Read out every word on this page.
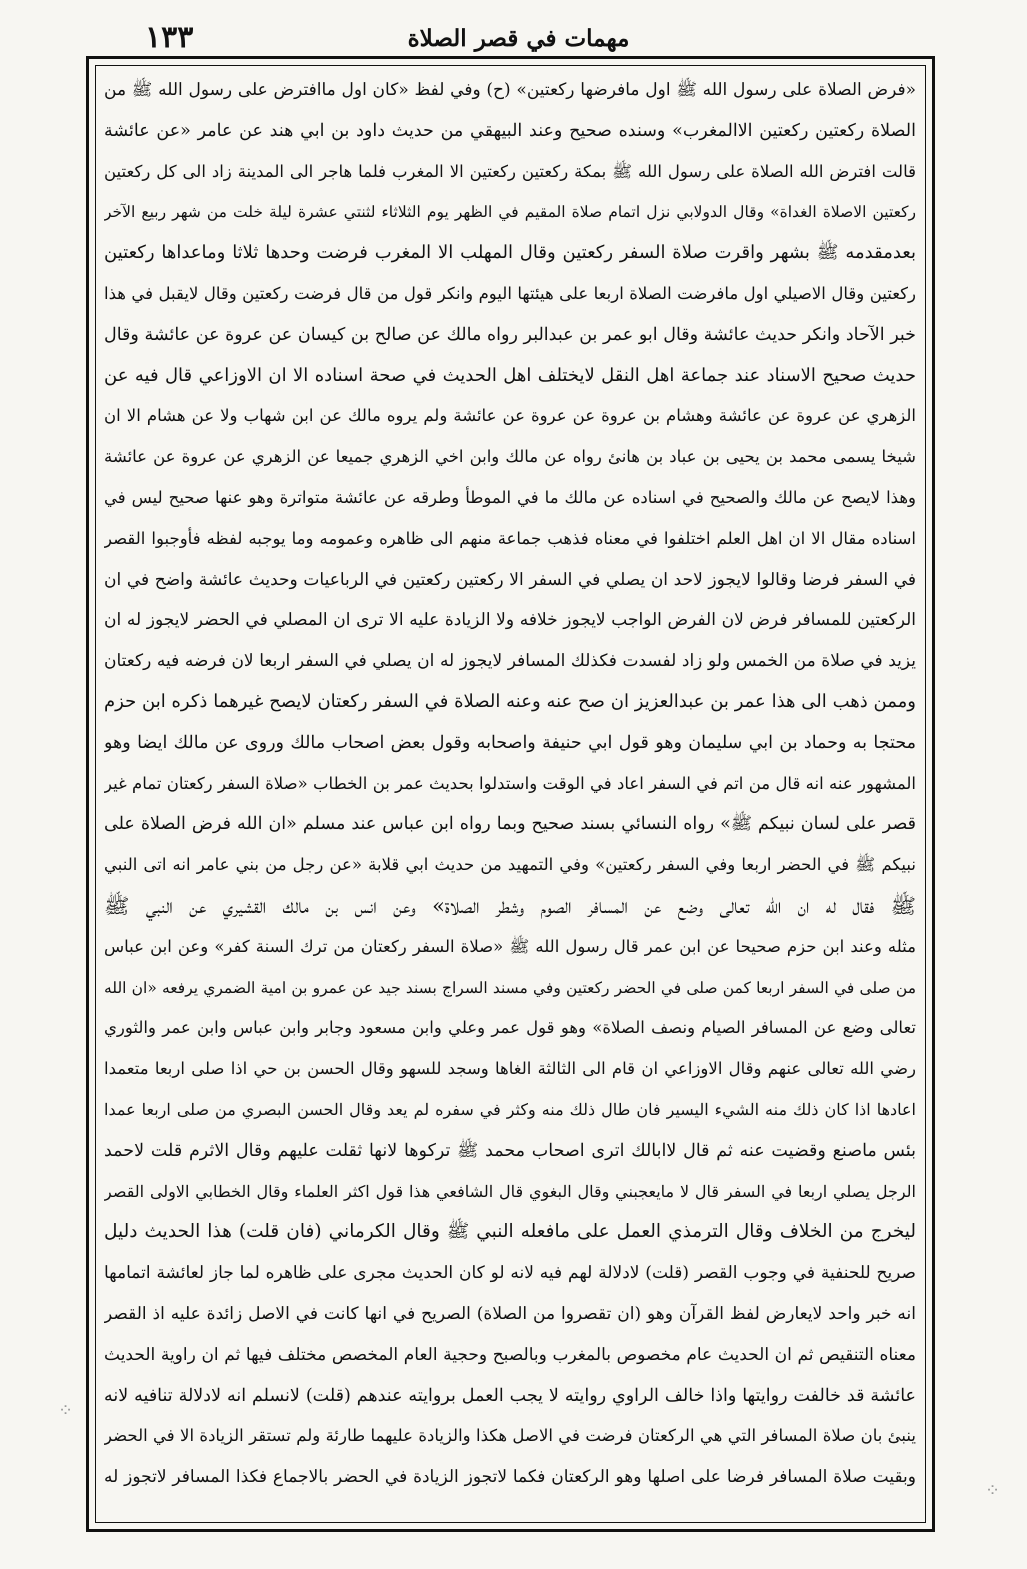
١٣٣	مهمات في قصر الصلاة
«فرض الصلاة على رسول الله ﷺ اول مافرضها ركعتين» (ح) وفي لفظ «كان اول ماافترض على رسول الله ﷺ من
الصلاة ركعتين ركعتين الاالمغرب» وسنده صحيح وعند البيهقي من حديث داود بن ابي هند عن عامر «عن عائشة
قالت افترض الله الصلاة على رسول الله ﷺ بمكة ركعتين ركعتين الا المغرب فلما هاجر الى المدينة زاد الى كل ركعتين
ركعتين الاصلاة الغداة» وقال الدولابي نزل اتمام صلاة المقيم في الظهر يوم الثلاثاء لثنتي عشرة ليلة خلت من شهر ربيع الآخر
بعدمقدمه ﷺ بشهر واقرت صلاة السفر ركعتين وقال المهلب الا المغرب فرضت وحدها ثلاثا وماعداها ركعتين
ركعتين وقال الاصيلي اول مافرضت الصلاة اربعا على هيئتها اليوم وانكر قول من قال فرضت ركعتين وقال لايقبل في هذا
خبر الآحاد وانكر حديث عائشة وقال ابو عمر بن عبدالبر رواه مالك عن صالح بن كيسان عن عروة عن عائشة وقال
حديث صحيح الاسناد عند جماعة اهل النقل لايختلف اهل الحديث في صحة اسناده الا ان الاوزاعي قال فيه عن
الزهري عن عروة عن عائشة وهشام بن عروة عن عروة عن عائشة ولم يروه مالك عن ابن شهاب ولا عن هشام الا ان
شيخا يسمى محمد بن يحيى بن عباد بن هانئ رواه عن مالك وابن اخي الزهري جميعا عن الزهري عن عروة عن عائشة
وهذا لايصح عن مالك والصحيح في اسناده عن مالك ما في الموطأ وطرقه عن عائشة متواترة وهو عنها صحيح ليس في
اسناده مقال الا ان اهل العلم اختلفوا في معناه فذهب جماعة منهم الى ظاهره وعمومه وما يوجبه لفظه فأوجبوا القصر
في السفر فرضا وقالوا لايجوز لاحد ان يصلي في السفر الا ركعتين ركعتين في الرباعيات وحديث عائشة واضح في ان
الركعتين للمسافر فرض لان الفرض الواجب لايجوز خلافه ولا الزيادة عليه الا ترى ان المصلي في الحضر لايجوز له ان
يزيد في صلاة من الخمس ولو زاد لفسدت فكذلك المسافر لايجوز له ان يصلي في السفر اربعا لان فرضه فيه ركعتان
وممن ذهب الى هذا عمر بن عبدالعزيز ان صح عنه وعنه الصلاة في السفر ركعتان لايصح غيرهما ذكره ابن حزم
محتجا به وحماد بن ابي سليمان وهو قول ابي حنيفة واصحابه وقول بعض اصحاب مالك وروى عن مالك ايضا وهو
المشهور عنه انه قال من اتم في السفر اعاد في الوقت واستدلوا بحديث عمر بن الخطاب «صلاة السفر ركعتان تمام غير
قصر على لسان نبيكم ﷺ» رواه النسائي بسند صحيح وبما رواه ابن عباس عند مسلم «ان الله فرض الصلاة على
نبيكم ﷺ في الحضر اربعا وفي السفر ركعتين» وفي التمهيد من حديث ابي قلابة «عن رجل من بني عامر انه اتى النبي
ﷺ فقال له ان الله تعالى وضع عن المسافر الصوم وشطر الصلاة» وعن انس بن مالك القشيري عن النبي ﷺ
مثله وعند ابن حزم صحيحا عن ابن عمر قال رسول الله ﷺ «صلاة السفر ركعتان من ترك السنة كفر» وعن ابن عباس
من صلى في السفر اربعا كمن صلى في الحضر ركعتين وفي مسند السراج بسند جيد عن عمرو بن امية الضمري يرفعه «ان الله
تعالى وضع عن المسافر الصيام ونصف الصلاة» وهو قول عمر وعلي وابن مسعود وجابر وابن عباس وابن عمر والثوري
رضي الله تعالى عنهم وقال الاوزاعي ان قام الى الثالثة الغاها وسجد للسهو وقال الحسن بن حي اذا صلى اربعا متعمدا
اعادها اذا كان ذلك منه الشيء اليسير فان طال ذلك منه وكثر في سفره لم يعد وقال الحسن البصري من صلى اربعا عمدا
بئس ماصنع وقضيت عنه ثم قال لاابالك اترى اصحاب محمد ﷺ تركوها لانها ثقلت عليهم وقال الاثرم قلت لاحمد
الرجل يصلي اربعا في السفر قال لا مايعجبني وقال البغوي قال الشافعي هذا قول اكثر العلماء وقال الخطابي الاولى القصر
ليخرج من الخلاف وقال الترمذي العمل على مافعله النبي ﷺ وقال الكرماني (فان قلت) هذا الحديث دليل
صريح للحنفية في وجوب القصر (قلت) لادلالة لهم فيه لانه لو كان الحديث مجرى على ظاهره لما جاز لعائشة اتمامها
انه خبر واحد لايعارض لفظ القرآن وهو (ان تقصروا من الصلاة) الصريح في انها كانت في الاصل زائدة عليه اذ القصر
معناه التنقيص ثم ان الحديث عام مخصوص بالمغرب وبالصبح وحجية العام المخصص مختلف فيها ثم ان راوية الحديث
عائشة قد خالفت روايتها واذا خالف الراوي روايته لا يجب العمل بروايته عندهم (قلت) لانسلم انه لادلالة تنافيه لانه
ينبئ بان صلاة المسافر التي هي الركعتان فرضت في الاصل هكذا والزيادة عليهما طارئة ولم تستقر الزيادة الا في الحضر
وبقيت صلاة المسافر فرضا على اصلها وهو الركعتان فكما لاتجوز الزيادة في الحضر بالاجماع فكذا المسافر لاتجوز له
⁘
⁘
